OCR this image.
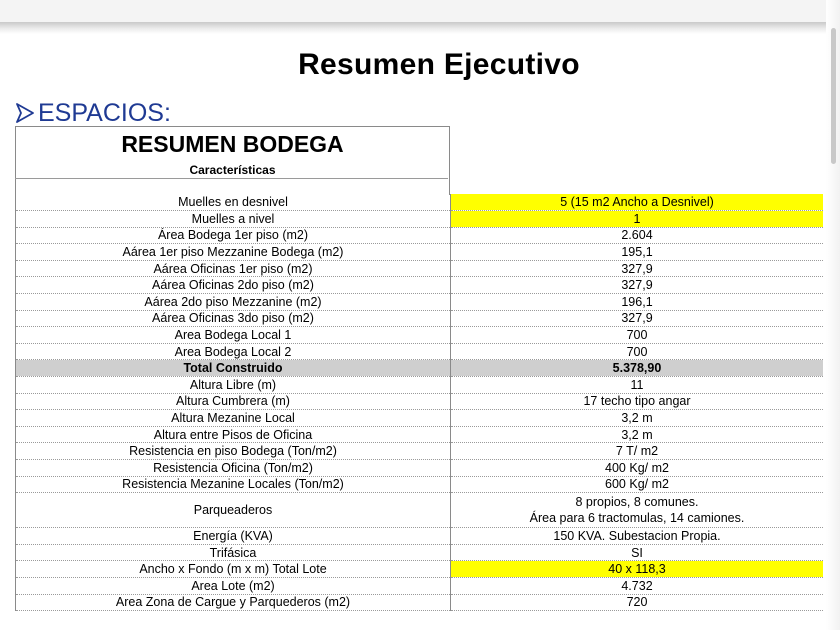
Resumen Ejecutivo
ESPACIOS:
RESUMEN BODEGA
Características
Muelles en desnivel	5 (15 m2 Ancho a Desnivel)
Muelles a nivel	1
Área Bodega 1er piso (m2)	2.604
Aárea 1er piso Mezzanine Bodega (m2)	195,1
Aárea Oficinas 1er piso (m2)	327,9
Aárea Oficinas 2do piso (m2)	327,9
Aárea 2do piso Mezzanine (m2)	196,1
Aárea Oficinas 3do piso (m2)	327,9
Area Bodega Local 1	700
Area Bodega Local 2	700
Total Construido	5.378,90
Altura Libre (m)	11
Altura Cumbrera (m)	17 techo tipo angar
Altura Mezanine Local	3,2 m
Altura entre Pisos de Oficina	3,2 m
Resistencia en piso Bodega (Ton/m2)	7 T/ m2
Resistencia Oficina (Ton/m2)	400 Kg/ m2
Resistencia Mezanine Locales (Ton/m2)	600 Kg/ m2
Parqueaderos	8 propios, 8 comunes.
Área para 6 tractomulas, 14 camiones.

Energía (KVA)	150 KVA. Subestacion Propia.
Trifásica	SI
Ancho x Fondo (m x m) Total Lote	40 x 118,3
Area Lote (m2)	4.732
Area Zona de Cargue y Parquederos (m2)	720
